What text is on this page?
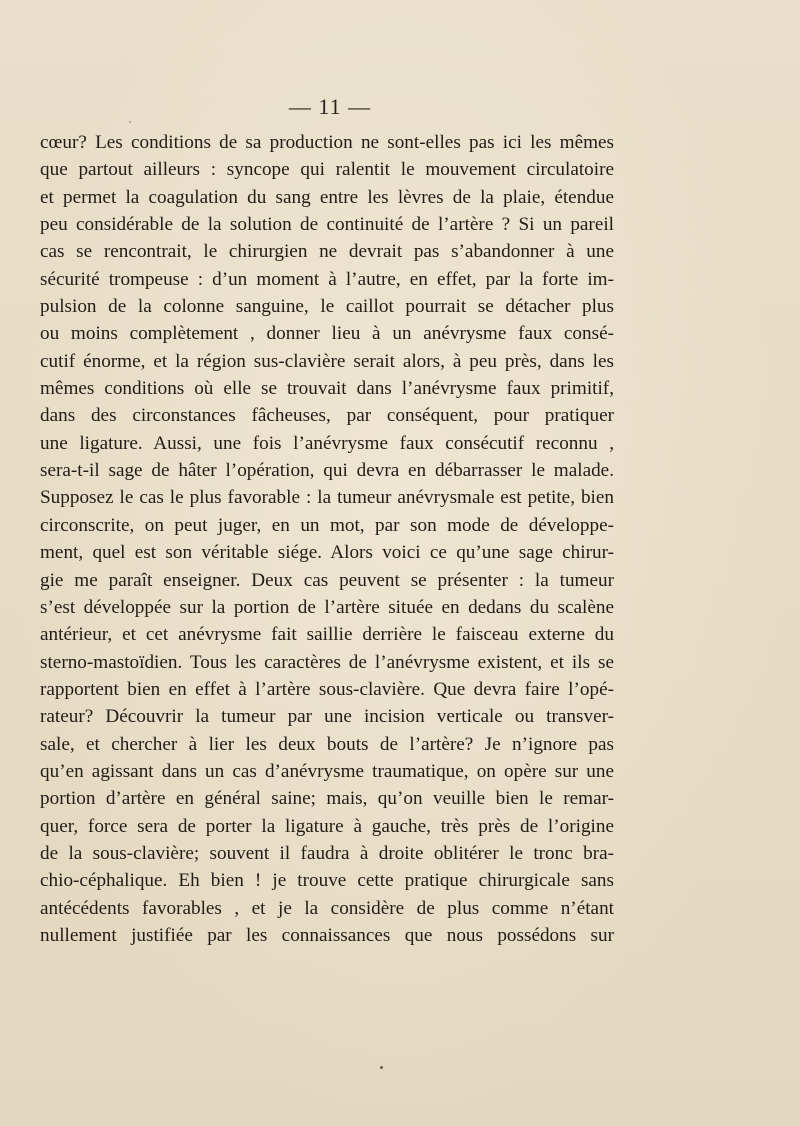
— 11 —
cœur? Les conditions de sa production ne sont-elles pas ici les mêmes
que partout ailleurs : syncope qui ralentit le mouvement circulatoire
et permet la coagulation du sang entre les lèvres de la plaie, étendue
peu considérable de la solution de continuité de l’artère ? Si un pareil
cas se rencontrait, le chirurgien ne devrait pas s’abandonner à une
sécurité trompeuse : d’un moment à l’autre, en effet, par la forte im-
pulsion de la colonne sanguine, le caillot pourrait se détacher plus
ou moins complètement , donner lieu à un anévrysme faux consé-
cutif énorme, et la région sus-clavière serait alors, à peu près, dans les
mêmes conditions où elle se trouvait dans l’anévrysme faux primitif,
dans des circonstances fâcheuses, par conséquent, pour pratiquer
une ligature. Aussi, une fois l’anévrysme faux consécutif reconnu ,
sera-t-il sage de hâter l’opération, qui devra en débarrasser le malade.
Supposez le cas le plus favorable : la tumeur anévrysmale est petite, bien
circonscrite, on peut juger, en un mot, par son mode de développe-
ment, quel est son véritable siége. Alors voici ce qu’une sage chirur-
gie me paraît enseigner. Deux cas peuvent se présenter : la tumeur
s’est développée sur la portion de l’artère située en dedans du scalène
antérieur, et cet anévrysme fait saillie derrière le faisceau externe du
sterno-mastoïdien. Tous les caractères de l’anévrysme existent, et ils se
rapportent bien en effet à l’artère sous-clavière. Que devra faire l’opé-
rateur? Découvrir la tumeur par une incision verticale ou transver-
sale, et chercher à lier les deux bouts de l’artère? Je n’ignore pas
qu’en agissant dans un cas d’anévrysme traumatique, on opère sur une
portion d’artère en général saine; mais, qu’on veuille bien le remar-
quer, force sera de porter la ligature à gauche, très près de l’origine
de la sous-clavière; souvent il faudra à droite oblitérer le tronc bra-
chio-céphalique. Eh bien ! je trouve cette pratique chirurgicale sans
antécédents favorables , et je la considère de plus comme n’étant
nullement justifiée par les connaissances que nous possédons sur
